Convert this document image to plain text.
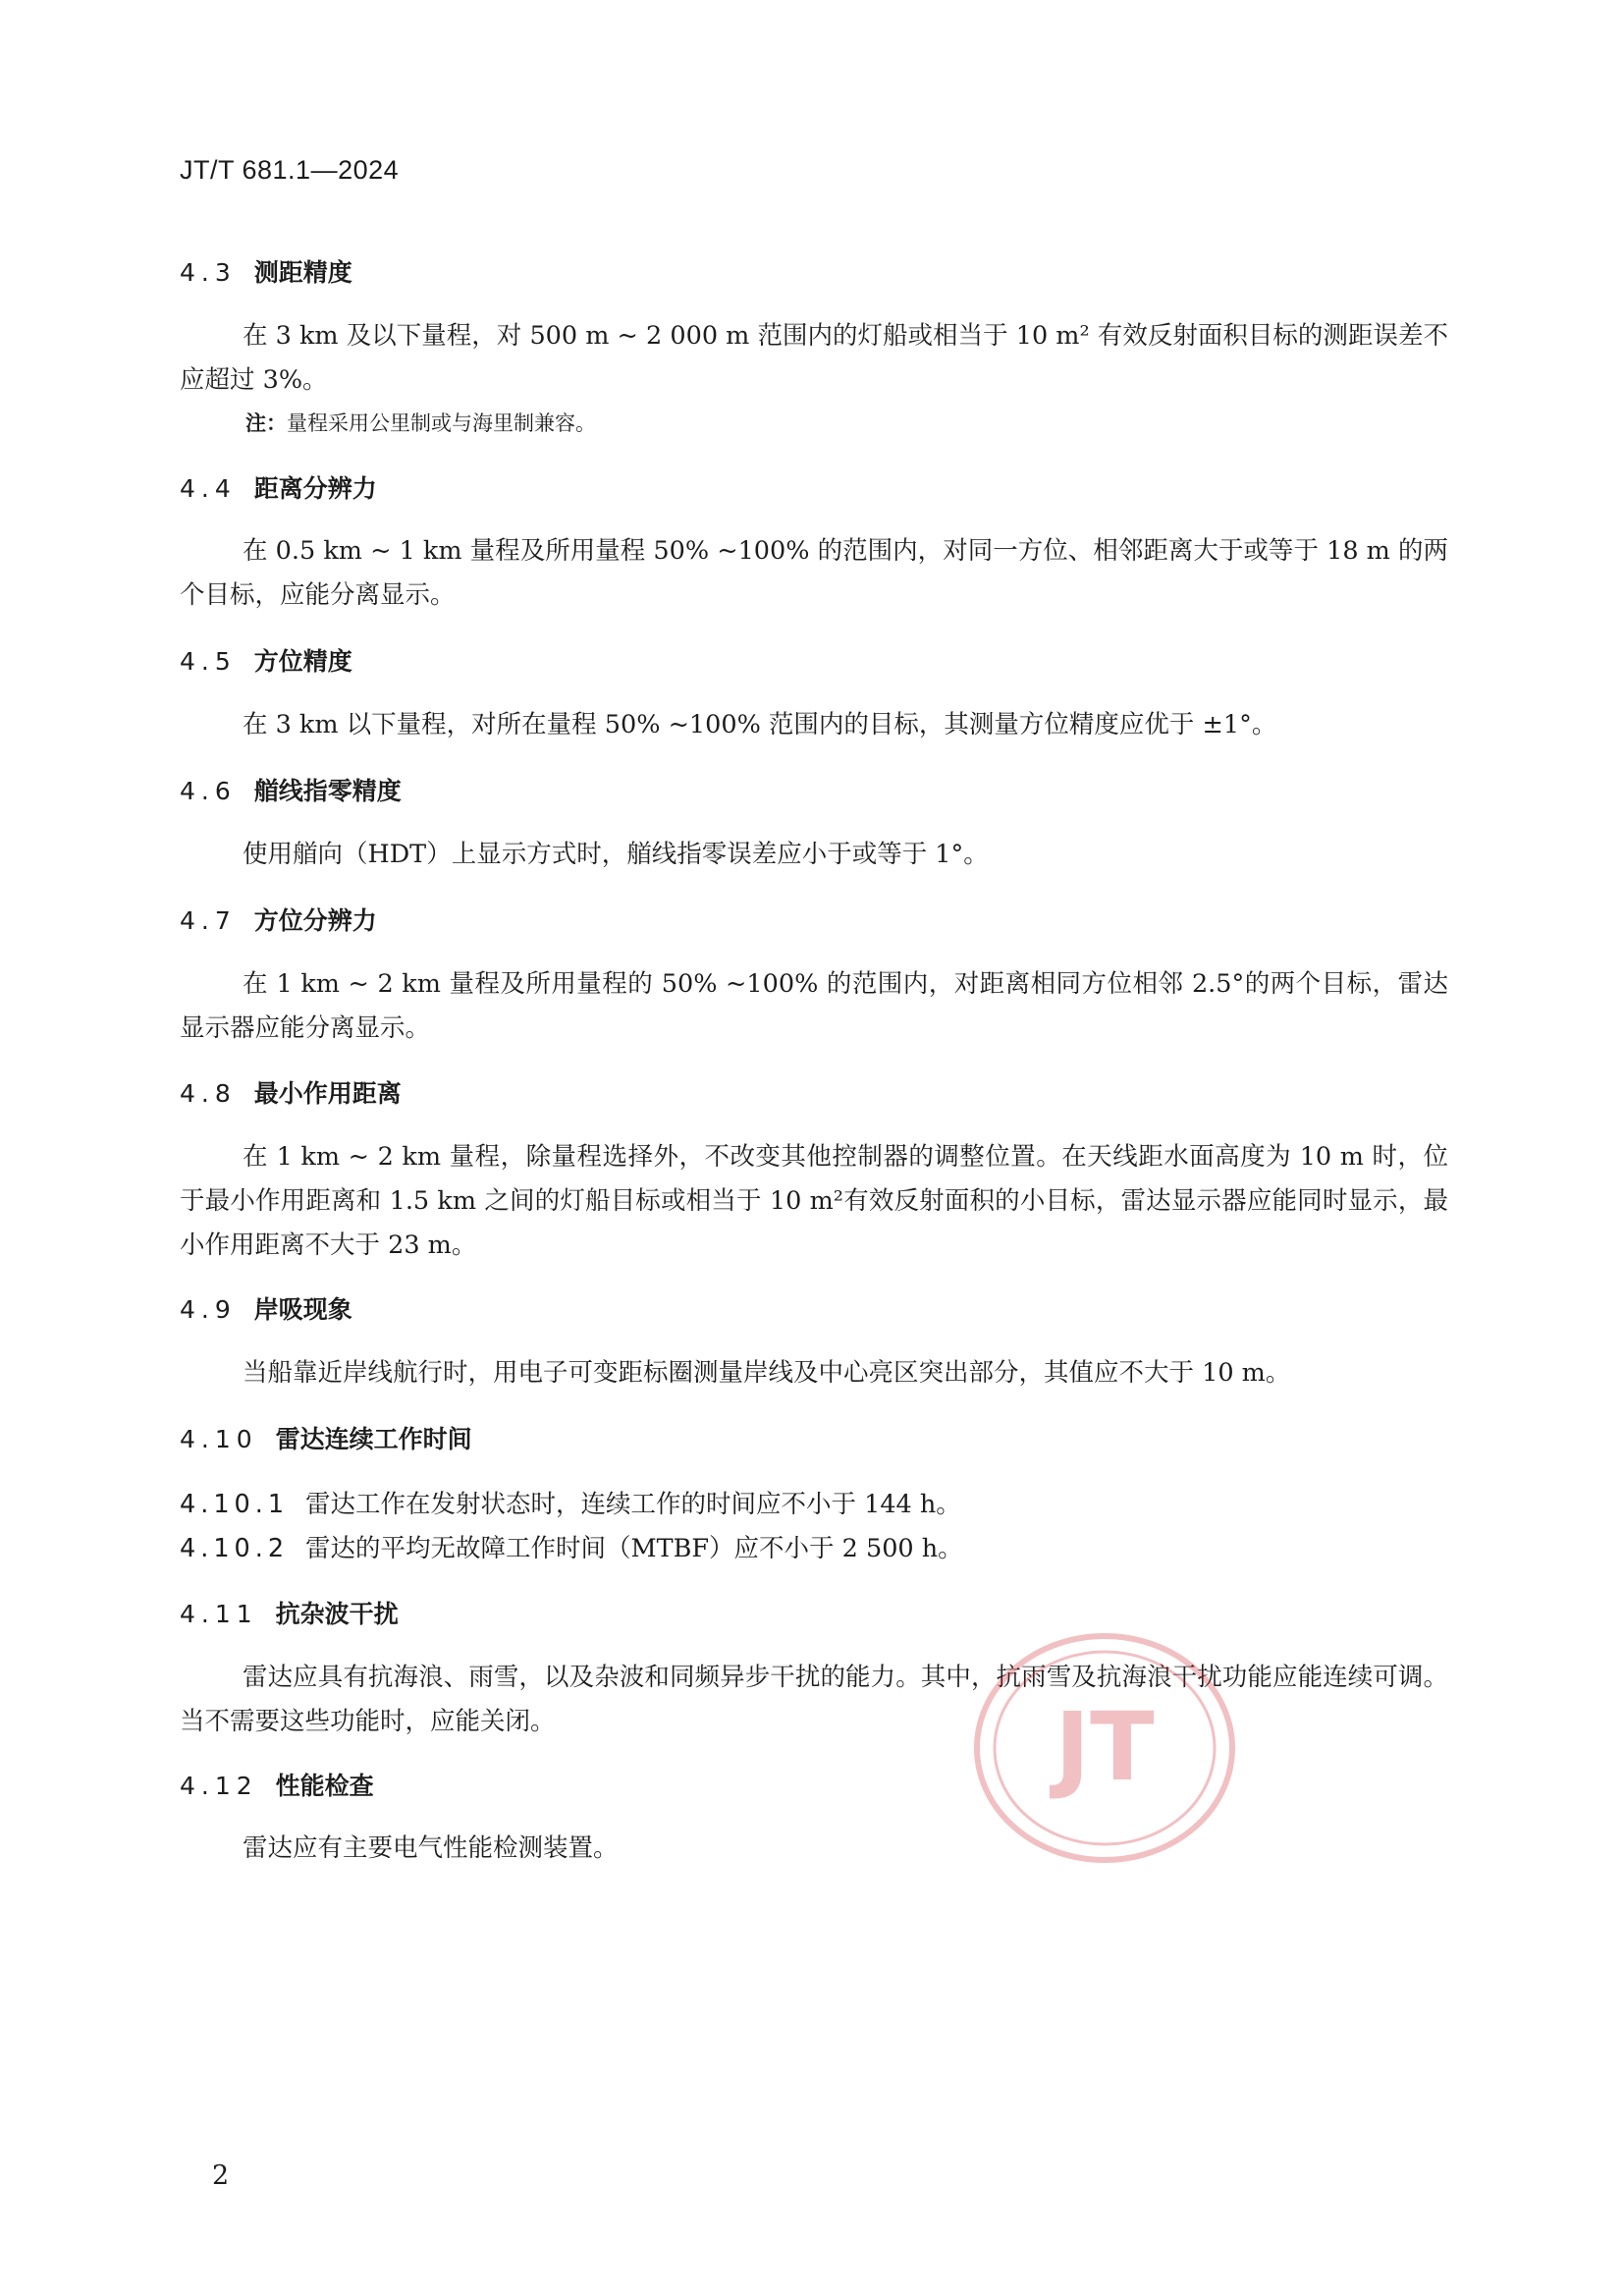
JT/T 681.1—2024
4.3 测距精度

在 3 km 及以下量程，对 500 m ~ 2 000 m 范围内的灯船或相当于 10 m² 有效反射面积目标的测距误差不应超过 3%。

注：量程采用公里制或与海里制兼容。
4.4 距离分辨力

在 0.5 km ~ 1 km 量程及所用量程 50% ~100% 的范围内，对同一方位、相邻距离大于或等于 18 m 的两个目标，应能分离显示。

4.5 方位精度

在 3 km 以下量程，对所在量程 50% ~100% 范围内的目标，其测量方位精度应优于 ±1°。

4.6 艏线指零精度

使用艏向（HDT）上显示方式时，艏线指零误差应小于或等于 1°。

4.7 方位分辨力

在 1 km ~ 2 km 量程及所用量程的 50% ~100% 的范围内，对距离相同方位相邻 2.5°的两个目标，雷达显示器应能分离显示。

4.8 最小作用距离

在 1 km ~ 2 km 量程，除量程选择外，不改变其他控制器的调整位置。在天线距水面高度为 10 m 时，位于最小作用距离和 1.5 km 之间的灯船目标或相当于 10 m²有效反射面积的小目标，雷达显示器应能同时显示，最小作用距离不大于 23 m。

4.9 岸吸现象

当船靠近岸线航行时，用电子可变距标圈测量岸线及中心亮区突出部分，其值应不大于 10 m。

4.10 雷达连续工作时间
4.10.1 雷达工作在发射状态时，连续工作的时间应不小于 144 h。
4.10.2 雷达的平均无故障工作时间（MTBF）应不小于 2 500 h。
4.11 抗杂波干扰

雷达应具有抗海浪、雨雪，以及杂波和同频异步干扰的能力。其中，抗雨雪及抗海浪干扰功能应能连续可调。当不需要这些功能时，应能关闭。

4.12 性能检查

雷达应有主要电气性能检测装置。

JT
2
